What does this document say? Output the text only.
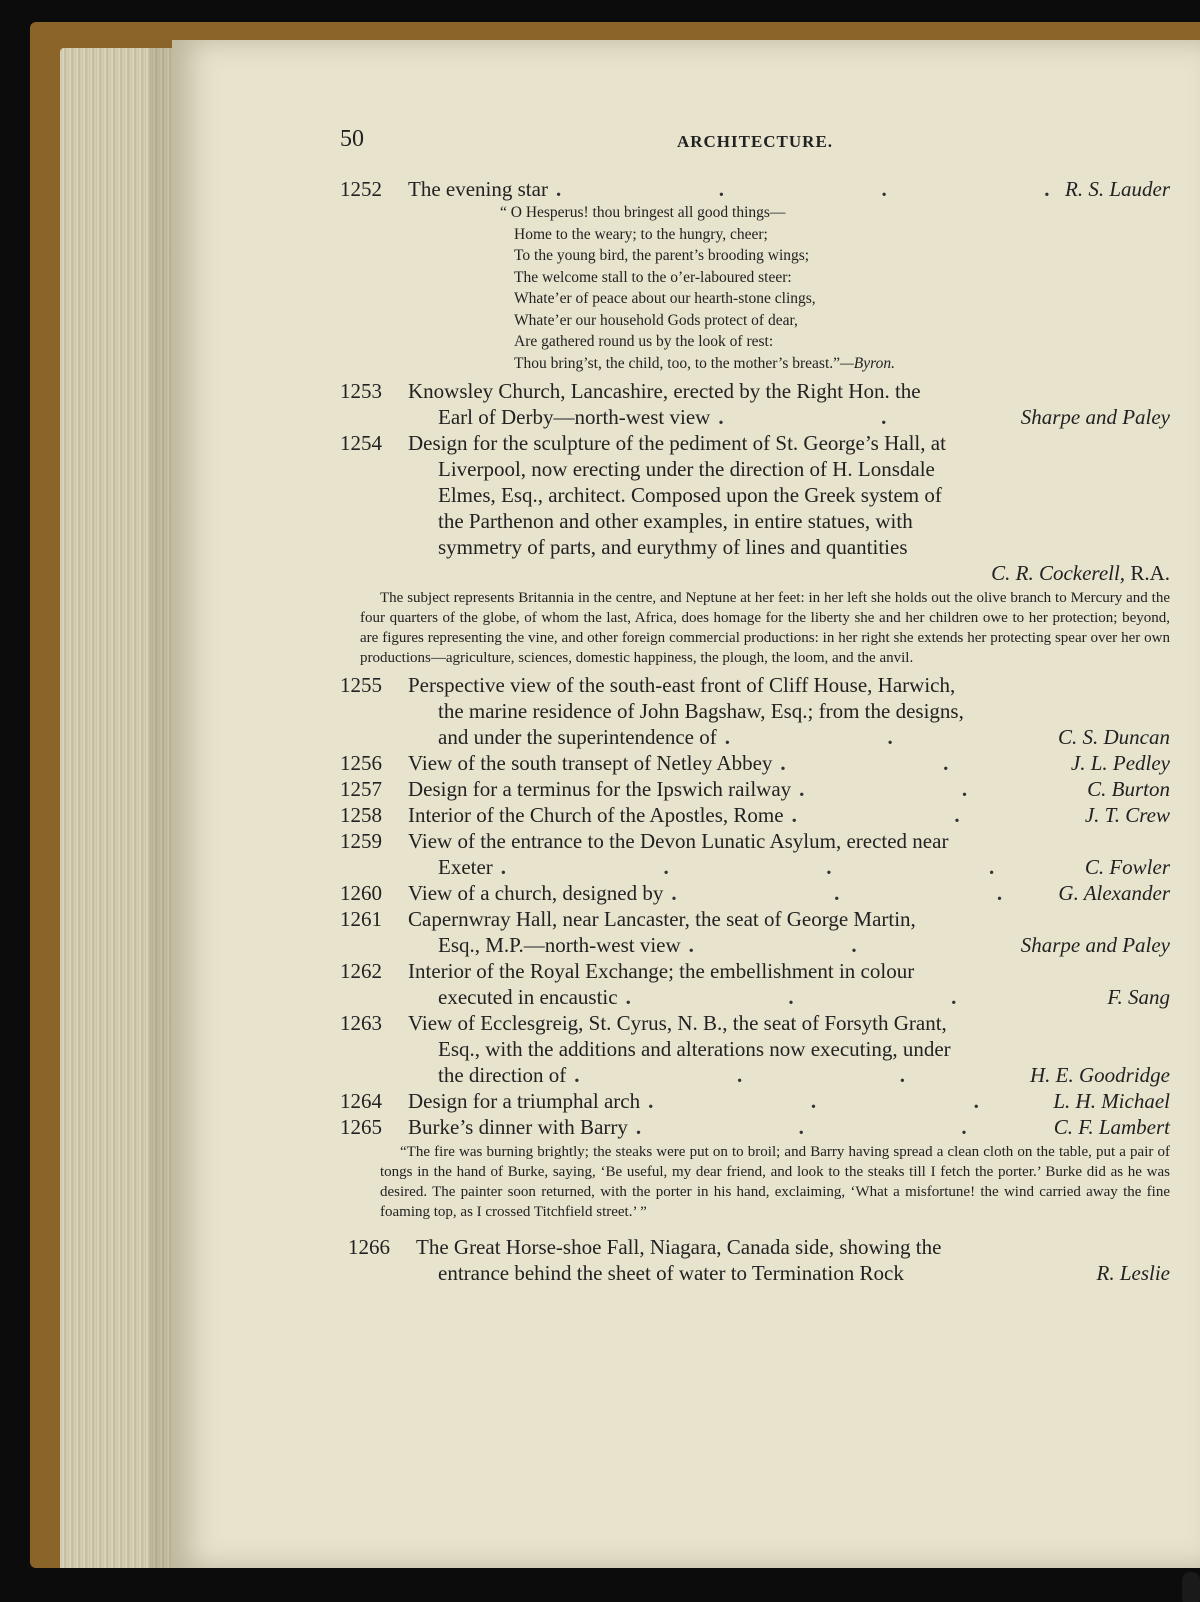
50	ARCHITECTURE.
1252	The evening star .	R. S. Lauder
“ O Hesperus! thou bringest all good things—
Home to the weary; to the hungry, cheer;
To the young bird, the parent’s brooding wings;
The welcome stall to the o’er-laboured steer:
Whate’er of peace about our hearth-stone clings,
Whate’er our household Gods protect of dear,
Are gathered round us by the look of rest:
Thou bring’st, the child, too, to the mother’s breast.”—Byron.
1253	Knowsley Church, Lancashire, erected by the Right Hon. the
Earl of Derby—north-west view .	Sharpe and Paley
1254	Design for the sculpture of the pediment of St. George’s Hall, at
Liverpool, now erecting under the direction of H. Lonsdale
Elmes, Esq., architect. Composed upon the Greek system of
the Parthenon and other examples, in entire statues, with
symmetry of parts, and eurythmy of lines and quantities
C. R. Cockerell, R.A.

The subject represents Britannia in the centre, and Neptune at her feet: in her left she holds out the olive branch to Mercury and the four quarters of the globe, of whom the last, Africa, does homage for the liberty she and her children owe to her protection; beyond, are figures representing the vine, and other foreign commercial productions: in her right she extends her protecting spear over her own productions—agriculture, sciences, domestic happiness, the plough, the loom, and the anvil.

1255	Perspective view of the south-east front of Cliff House, Harwich,
the marine residence of John Bagshaw, Esq.; from the designs,
and under the superintendence of .	C. S. Duncan
1256	View of the south transept of Netley Abbey .	J. L. Pedley
1257	Design for a terminus for the Ipswich railway .	C. Burton
1258	Interior of the Church of the Apostles, Rome .	J. T. Crew
1259	View of the entrance to the Devon Lunatic Asylum, erected near
Exeter .	C. Fowler
1260	View of a church, designed by .	G. Alexander
1261	Capernwray Hall, near Lancaster, the seat of George Martin,
Esq., M.P.—north-west view .	Sharpe and Paley
1262	Interior of the Royal Exchange; the embellishment in colour
executed in encaustic .	F. Sang
1263	View of Ecclesgreig, St. Cyrus, N. B., the seat of Forsyth Grant,
Esq., with the additions and alterations now executing, under
the direction of .	H. E. Goodridge
1264	Design for a triumphal arch .	L. H. Michael
1265	Burke’s dinner with Barry .	C. F. Lambert

“The fire was burning brightly; the steaks were put on to broil; and Barry having spread a clean cloth on the table, put a pair of tongs in the hand of Burke, saying, ‘Be useful, my dear friend, and look to the steaks till I fetch the porter.’ Burke did as he was desired. The painter soon returned, with the porter in his hand, exclaiming, ‘What a misfortune! the wind carried away the fine foaming top, as I crossed Titchfield street.’ ”

1266	The Great Horse-shoe Fall, Niagara, Canada side, showing the
entrance behind the sheet of water to Termination Rock	R. Leslie
